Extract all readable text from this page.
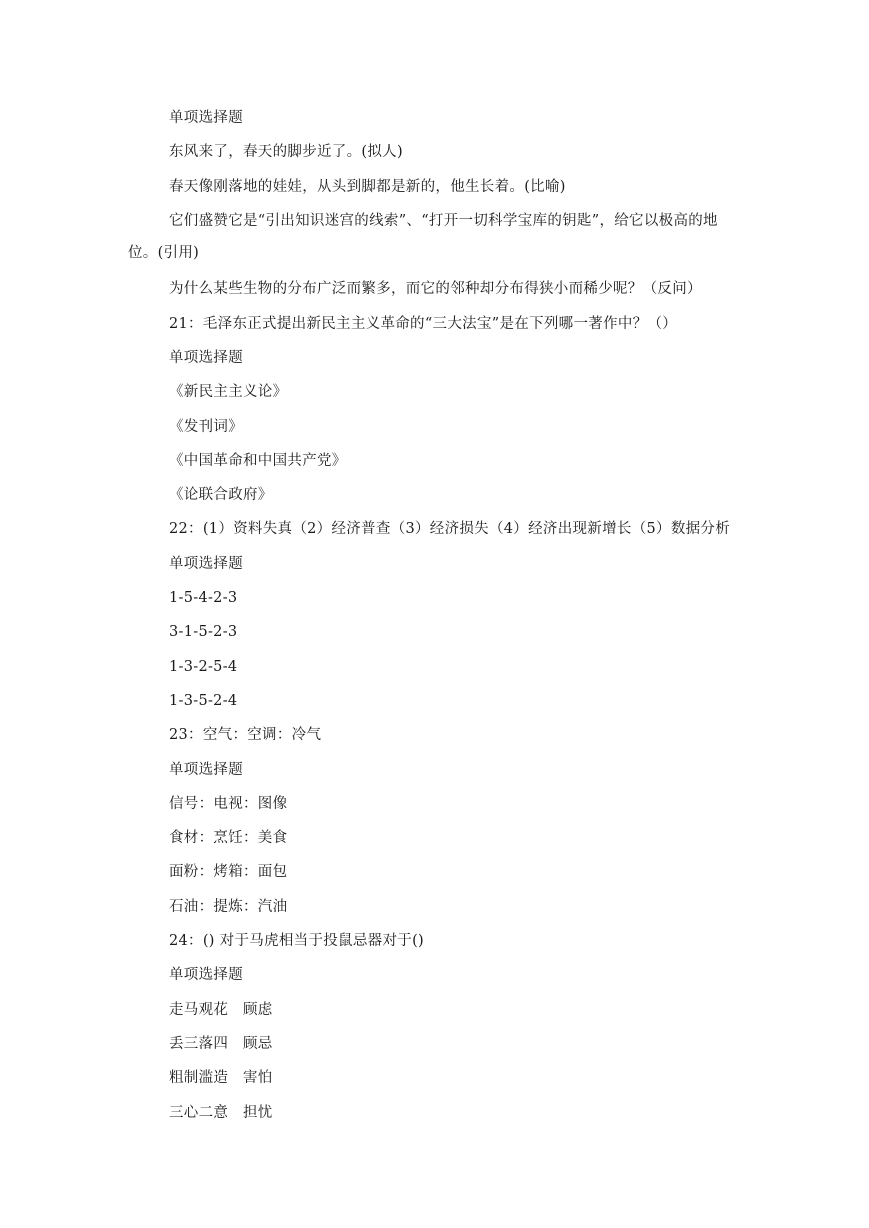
单项选择题
东风来了，春天的脚步近了。(拟人)
春天像刚落地的娃娃，从头到脚都是新的，他生长着。(比喻)
它们盛赞它是“引出知识迷宫的线索”、“打开一切科学宝库的钥匙”，给它以极高的地
位。(引用)
为什么某些生物的分布广泛而繁多，而它的邻种却分布得狭小而稀少呢？（反问）
21：毛泽东正式提出新民主主义革命的“三大法宝”是在下列哪一著作中？（）
单项选择题
《新民主主义论》
《发刊词》
《中国革命和中国共产党》
《论联合政府》
22：(1）资料失真（2）经济普查（3）经济损失（4）经济出现新增长（5）数据分析
单项选择题
1-5-4-2-3
3-1-5-2-3
1-3-2-5-4
1-3-5-2-4
23：空气：空调：冷气
单项选择题
信号：电视：图像
食材：烹饪：美食
面粉：烤箱：面包
石油：提炼：汽油
24：() 对于马虎相当于投鼠忌器对于()
单项选择题
走马观花　顾虑
丢三落四　顾忌
粗制滥造　害怕
三心二意　担忧
